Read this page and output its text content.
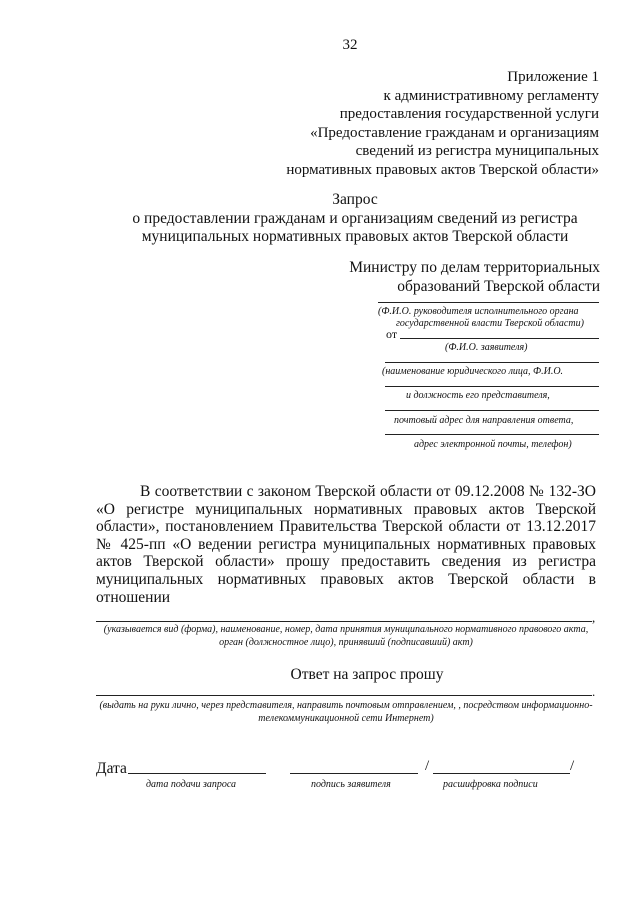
32
Приложение 1
к административному регламенту
предоставления государственной услуги
«Предоставление гражданам и организациям
сведений из регистра муниципальных
нормативных правовых актов Тверской области»
Запрос
о предоставлении гражданам и организациям сведений из регистра
муниципальных нормативных правовых актов Тверской области
Министру по делам территориальных
образований Тверской области
(Ф.И.О. руководителя исполнительного органа
государственной власти Тверской области)
от
(Ф.И.О. заявителя)
(наименование юридического лица, Ф.И.О.
и должность его представителя,
почтовый адрес для направления ответа,
адрес электронной почты, телефон)

В соответствии с законом Тверской области от 09.12.2008 № 132-ЗО «О регистре муниципальных нормативных правовых актов Тверской области», постановлением Правительства Тверской области от 13.12.2017 № 425-пп «О ведении регистра муниципальных нормативных правовых актов Тверской области» прошу предоставить сведения из регистра муниципальных нормативных правовых актов Тверской области в отношении

,
(указывается вид (форма), наименование, номер, дата принятия муниципального нормативного правового акта, орган (должностное лицо), принявший (подписавший) акт)
Ответ на запрос прошу
.
(выдать на руки лично, через представителя, направить почтовым отправлением, , посредством информационно-телекоммуникационной сети Интернет)
Дата
дата подачи запроса	подпись заявителя
/	/
расшифровка подписи
